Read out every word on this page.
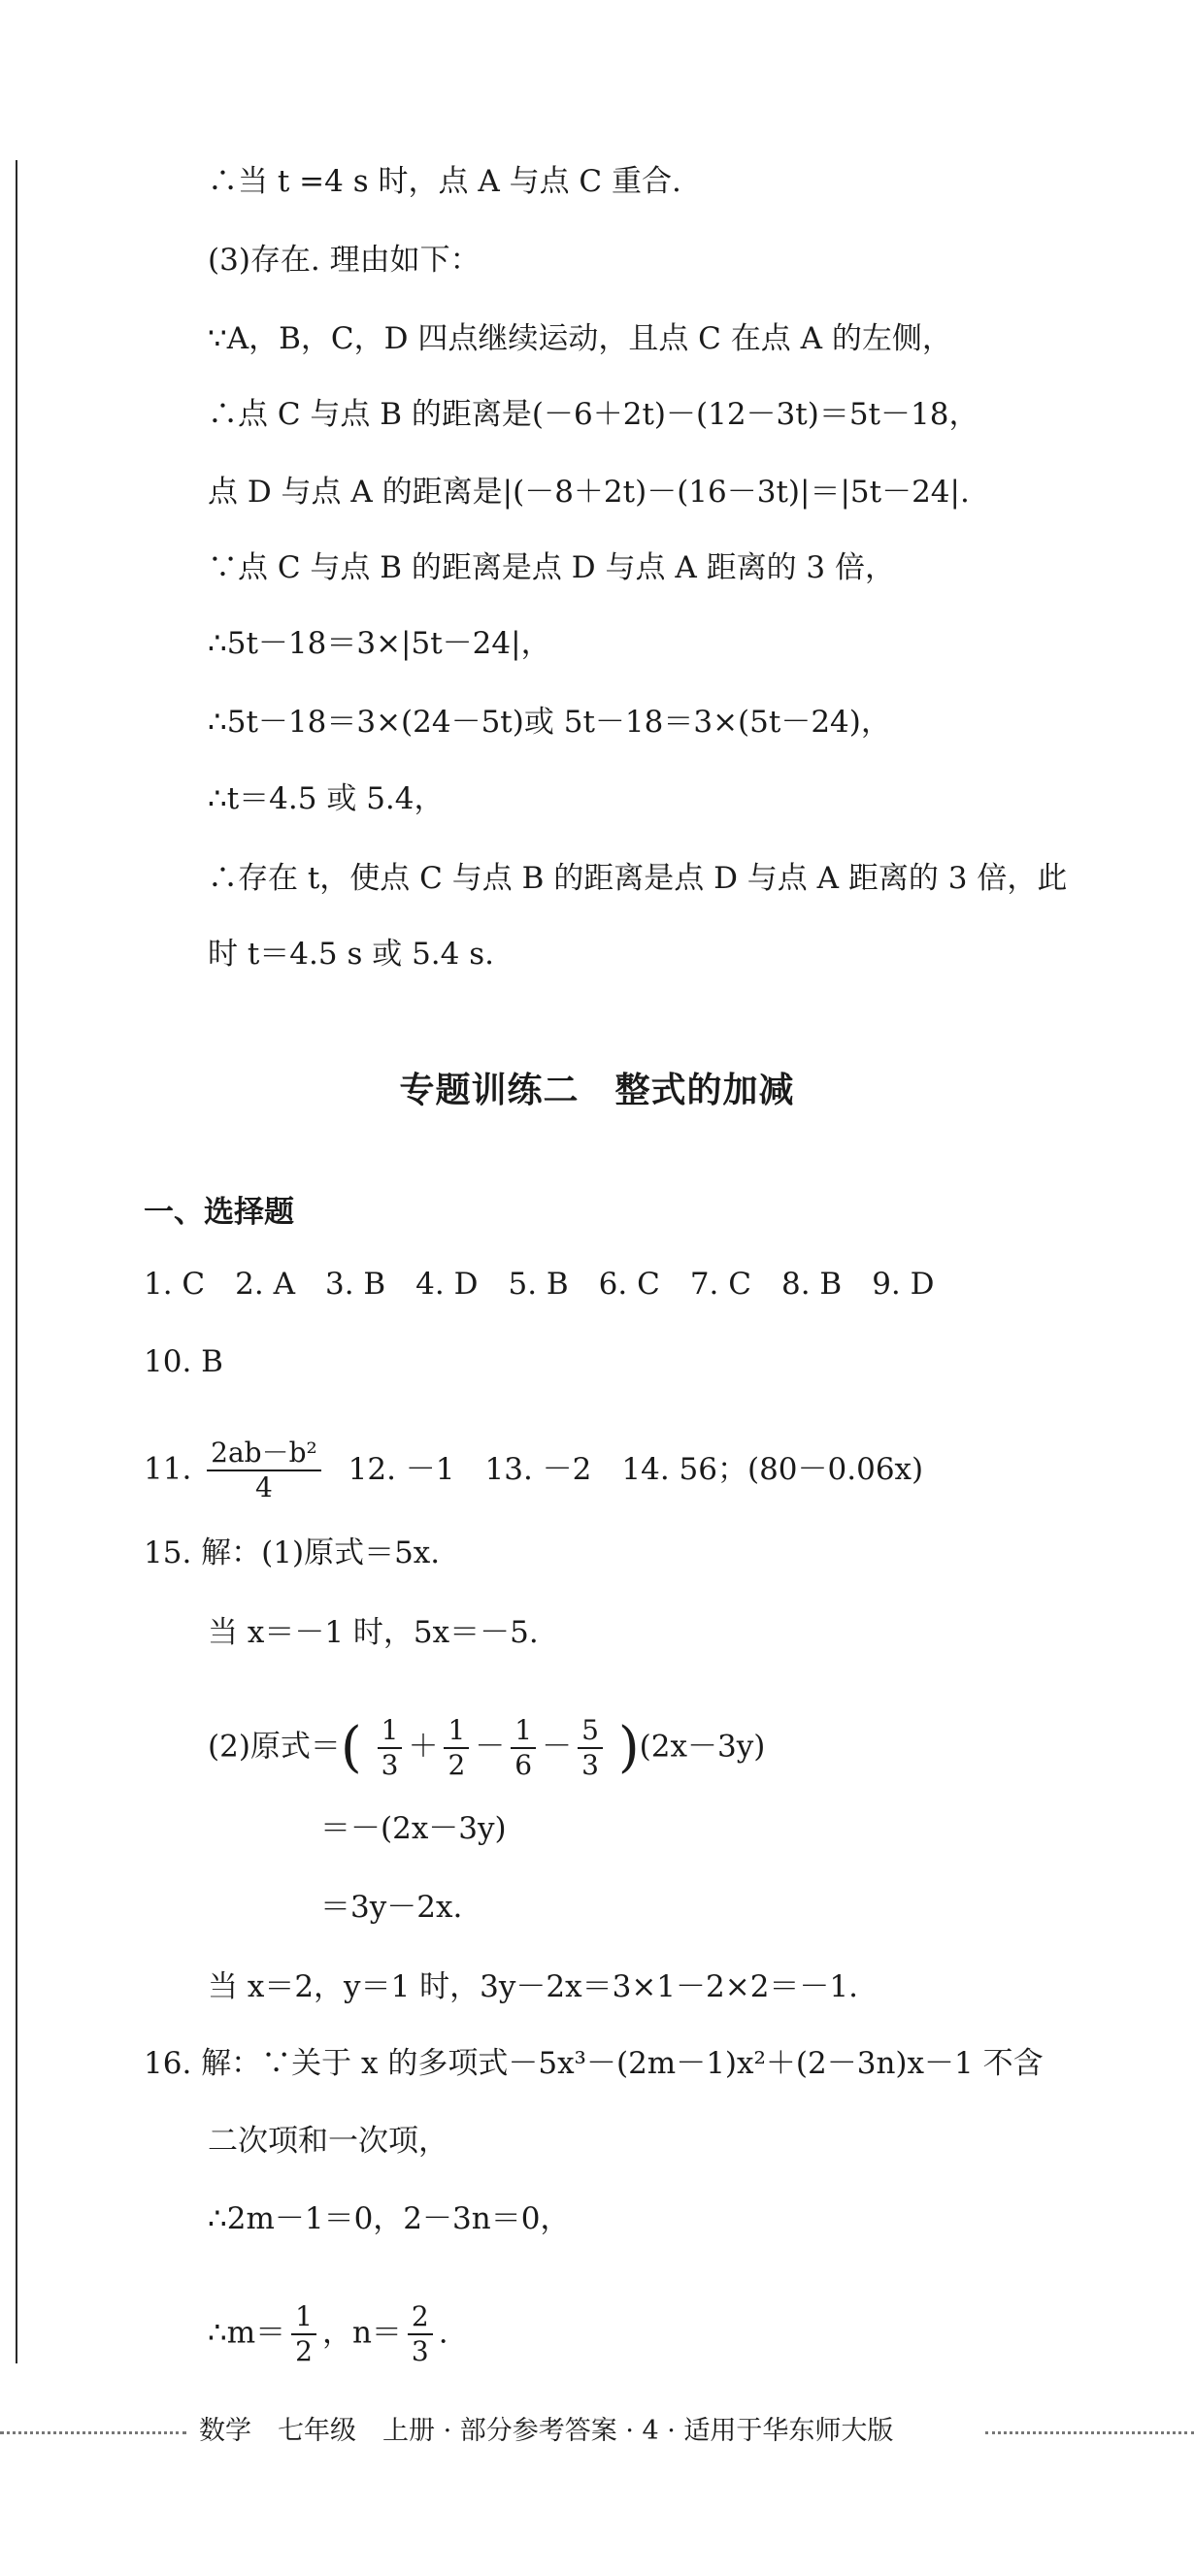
∴当 t =4 s 时，点 A 与点 C 重合.
(3)存在. 理由如下：
∵A，B，C，D 四点继续运动，且点 C 在点 A 的左侧，
∴点 C 与点 B 的距离是(－6＋2t)－(12－3t)＝5t－18，
点 D 与点 A 的距离是|(－8＋2t)－(16－3t)|＝|5t－24|.
∵点 C 与点 B 的距离是点 D 与点 A 距离的 3 倍，
∴5t－18＝3×|5t－24|，
∴5t－18＝3×(24－5t)或 5t－18＝3×(5t－24)，
∴t＝4.5 或 5.4，
∴存在 t，使点 C 与点 B 的距离是点 D 与点 A 距离的 3 倍，此
时 t＝4.5 s 或 5.4 s.
专题训练二　整式的加减
一、选择题
1. C　2. A　3. B　4. D　5. B　6. C　7. C　8. B　9. D
10. B
11. $\frac{\text{2ab－b²}}{4} 12$. －1　13. －2　14. 56；(80－0.06x)
15. 解：(1)原式＝5x.
当 x＝－1 时，5x＝－5.
(2)原式＝( $\frac{1}{3} + \frac{1}{2} - \frac{1}{6} - \frac{5}{3} )(2x-3y)$
＝－(2x－3y)
＝3y－2x.
当 x＝2，y＝1 时，3y－2x＝3×1－2×2＝－1.
16. 解：∵关于 x 的多项式－5x³－(2m－1)x²＋(2－3n)x－1 不含
二次项和一次项，
∴2m－1＝0，2－3n＝0，
∴m＝ $\frac{1}{2}$ ，$n= \frac{2}{3}$ .
数学　七年级　上册 · 部分参考答案 · 4 · 适用于华东师大版
